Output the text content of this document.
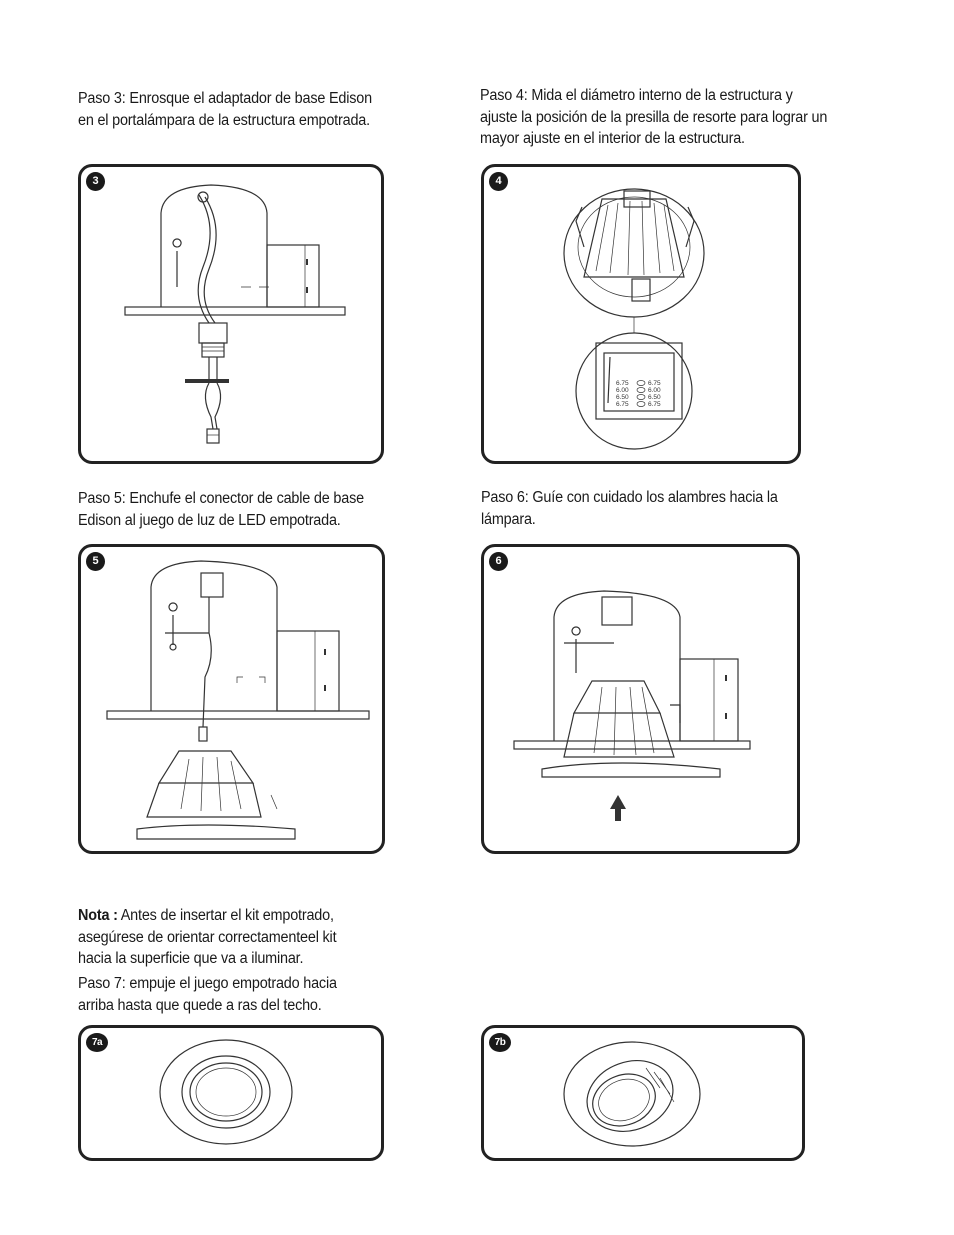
Paso 3: Enrosque el adaptador de base Edison en el portalámpara de la estructura empotrada.
Paso 4: Mida el diámetro interno de la estructura y ajuste la posición de la presilla de resorte para lograr un mayor ajuste en el interior de la estructura.
Paso 5: Enchufe el conector de cable de base Edison al juego de luz de LED empotrada.
Paso 6: Guíe con cuidado los alambres hacia la lámpara.
Nota : Antes de insertar el kit empotrado, asegúrese de orientar correctamenteel kit hacia la superficie que va a iluminar.
Paso 7: empuje el juego empotrado hacia arriba hasta que quede a ras del techo.
3	4
6.75
6.00
6.50
6.75
6.75
6.00
6.50
6.75
5	6
7a	7b
